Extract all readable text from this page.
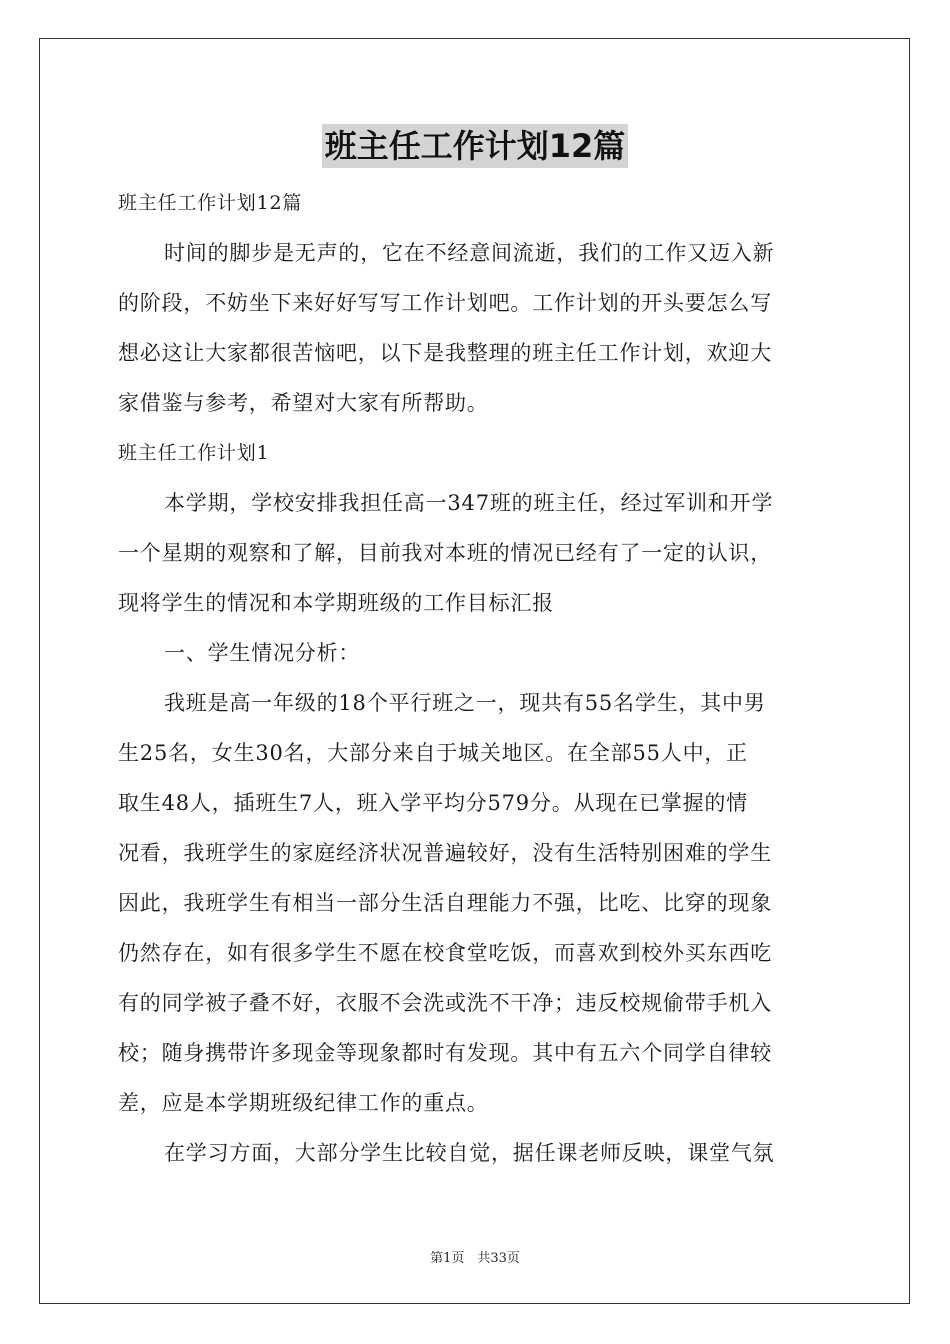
班主任工作计划12篇
班主任工作计划12篇
时间的脚步是无声的，它在不经意间流逝，我们的工作又迈入新
的阶段，不妨坐下来好好写写工作计划吧。工作计划的开头要怎么写
想必这让大家都很苦恼吧，以下是我整理的班主任工作计划，欢迎大
家借鉴与参考，希望对大家有所帮助。
班主任工作计划1
本学期，学校安排我担任高一347班的班主任，经过军训和开学
一个星期的观察和了解，目前我对本班的情况已经有了一定的认识，
现将学生的情况和本学期班级的工作目标汇报
一、学生情况分析：
我班是高一年级的18个平行班之一，现共有55名学生，其中男
生25名，女生30名，大部分来自于城关地区。在全部55人中，正
取生48人，插班生7人，班入学平均分579分。从现在已掌握的情
况看，我班学生的家庭经济状况普遍较好，没有生活特别困难的学生
因此，我班学生有相当一部分生活自理能力不强，比吃、比穿的现象
仍然存在，如有很多学生不愿在校食堂吃饭，而喜欢到校外买东西吃
有的同学被子叠不好，衣服不会洗或洗不干净；违反校规偷带手机入
校；随身携带许多现金等现象都时有发现。其中有五六个同学自律较
差，应是本学期班级纪律工作的重点。
在学习方面，大部分学生比较自觉，据任课老师反映，课堂气氛
第1页　共33页
